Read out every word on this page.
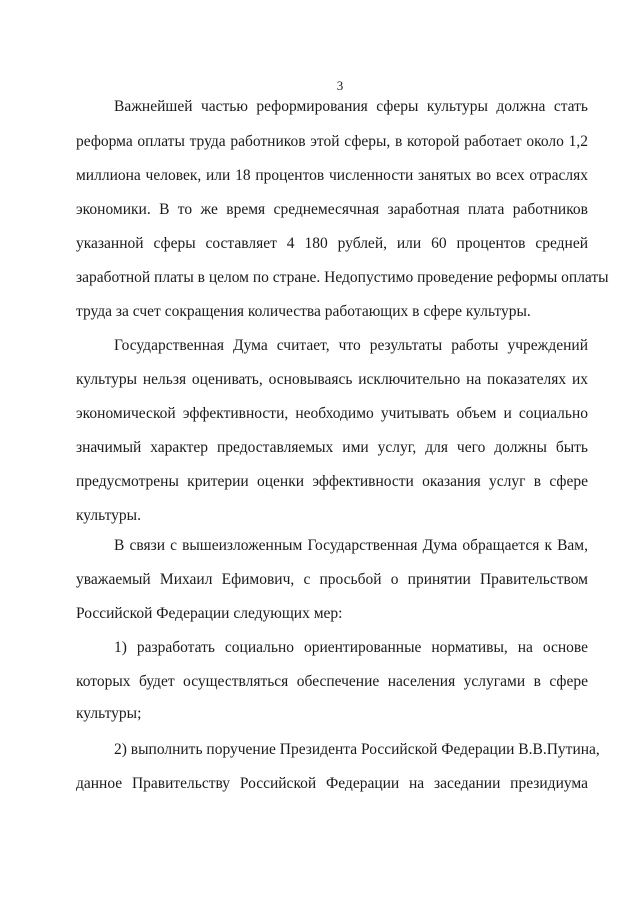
3
Важнейшей частью реформирования сферы культуры должна стать
реформа оплаты труда работников этой сферы, в которой работает около 1,2
миллиона человек, или 18 процентов численности занятых во всех отраслях
экономики. В то же время среднемесячная заработная плата работников
указанной сферы составляет 4 180 рублей, или 60 процентов средней
заработной платы в целом по стране. Недопустимо проведение реформы оплаты
труда за счет сокращения количества работающих в сфере культуры.
Государственная Дума считает, что результаты работы учреждений
культуры нельзя оценивать, основываясь исключительно на показателях их
экономической эффективности, необходимо учитывать объем и социально
значимый характер предоставляемых ими услуг, для чего должны быть
предусмотрены критерии оценки эффективности оказания услуг в сфере
культуры.
В связи с вышеизложенным Государственная Дума обращается к Вам,
уважаемый Михаил Ефимович, с просьбой о принятии Правительством
Российской Федерации следующих мер:
1) разработать социально ориентированные нормативы, на основе
которых будет осуществляться обеспечение населения услугами в сфере
культуры;
2) выполнить поручение Президента Российской Федерации В.В.Путина,
данное Правительству Российской Федерации на заседании президиума
